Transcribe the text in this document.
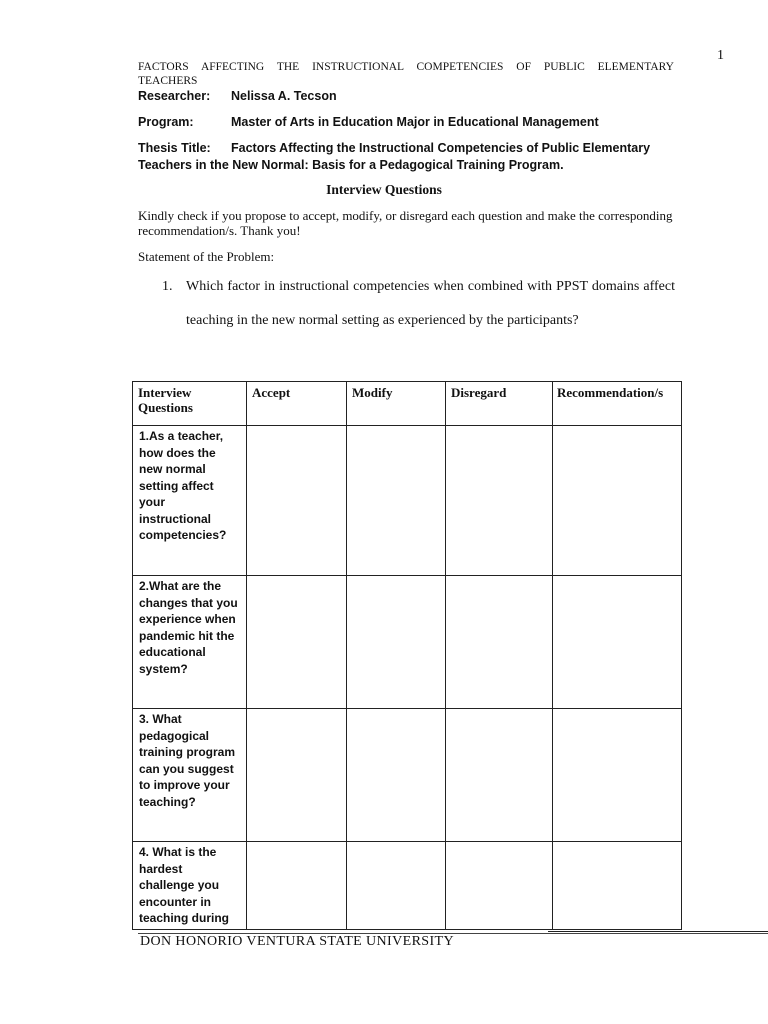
1
FACTORS AFFECTING THE INSTRUCTIONAL COMPETENCIES OF PUBLIC ELEMENTARY
TEACHERS
Researcher: Nelissa A. Tecson
Program:	Master of Arts in Education Major in Educational Management
Thesis Title: Factors Affecting the Instructional Competencies of Public Elementary
Teachers in the New Normal: Basis for a Pedagogical Training Program.
Interview Questions
Kindly check if you propose to accept, modify, or disregard each question and make the corresponding recommendation/s. Thank you!
Statement of the Problem:
1. Which factor in instructional competencies when combined with PPST domains affect teaching in the new normal setting as experienced by the participants?
Interview Questions	Accept	Modify	Disregard	Recommendation/s
1.As a teacher, how does the new normal setting affect your instructional competencies?				
2.What are the changes that you experience when pandemic hit the educational system?				
3. What pedagogical training program can you suggest to improve your teaching?				
4. What is the hardest challenge you encounter in teaching during				
DON HONORIO VENTURA STATE UNIVERSITY
